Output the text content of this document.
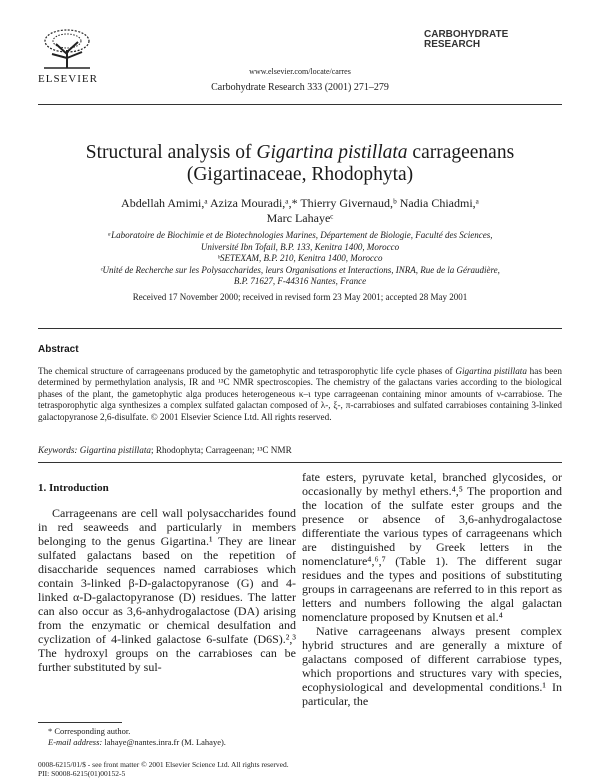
ELSEVIER
www.elsevier.com/locate/carres
Carbohydrate Research 333 (2001) 271–279
CARBOHYDRATE
RESEARCH
Structural analysis of Gigartina pistillata carrageenans
(Gigartinaceae, Rhodophyta)
Abdellah Amimi,ᵃ Aziza Mouradi,ᵃ,* Thierry Givernaud,ᵇ Nadia Chiadmi,ᵃ
Marc Lahayeᶜ
ᵃLaboratoire de Biochimie et de Biotechnologies Marines, Département de Biologie, Faculté des Sciences,
Université Ibn Tofail, B.P. 133, Kenitra 1400, Morocco
ᵇSETEXAM, B.P. 210, Kenitra 1400, Morocco
ᶜUnité de Recherche sur les Polysaccharides, leurs Organisations et Interactions, INRA, Rue de la Géraudière,
B.P. 71627, F-44316 Nantes, France
Received 17 November 2000; received in revised form 23 May 2001; accepted 28 May 2001
Abstract
The chemical structure of carrageenans produced by the gametophytic and tetrasporophytic life cycle phases of Gigartina pistillata has been determined by permethylation analysis, IR and ¹³C NMR spectroscopies. The chemistry of the galactans varies according to the biological phases of the plant, the gametophytic alga produces heterogeneous κ–ι type carrageenan containing minor amounts of ν-carrabiose. The tetrasporophytic alga synthesizes a complex sulfated galactan composed of λ-, ξ-, π-carrabioses and sulfated carrabioses containing 3-linked galactopyranose 2,6-disulfate. © 2001 Elsevier Science Ltd. All rights reserved.
Keywords: Gigartina pistillata; Rhodophyta; Carrageenan; ¹³C NMR
1. Introduction

Carrageenans are cell wall polysaccharides found in red seaweeds and particularly in members belonging to the genus Gigartina.¹ They are linear sulfated galactans based on the repetition of disaccharide sequences named carrabioses which contain 3-linked β-D-galactopyranose (G) and 4-linked α-D-galactopyranose (D) residues. The latter can also occur as 3,6-anhydrogalactose (DA) arising from the enzymatic or chemical desulfation and cyclization of 4-linked galactose 6-sulfate (D6S).²,³ The hydroxyl groups on the carrabioses can be further substituted by sul-

fate esters, pyruvate ketal, branched glycosides, or occasionally by methyl ethers.⁴,⁵ The proportion and the location of the sulfate ester groups and the presence or absence of 3,6-anhydrogalactose differentiate the various types of carrageenans which are distinguished by Greek letters in the nomenclature⁴,⁶,⁷ (Table 1). The different sugar residues and the types and positions of substituting groups in carrageenans are referred to in this report as letters and numbers following the algal galactan nomenclature proposed by Knutsen et al.⁴

Native carrageenans always present complex hybrid structures and are generally a mixture of galactans composed of different carrabiose types, which proportions and structures vary with species, ecophysiological and developmental conditions.¹ In particular, the

* Corresponding author.
E-mail address: lahaye@nantes.inra.fr (M. Lahaye).
0008-6215/01/$ - see front matter © 2001 Elsevier Science Ltd. All rights reserved.
PII: S0008-6215(01)00152-5
